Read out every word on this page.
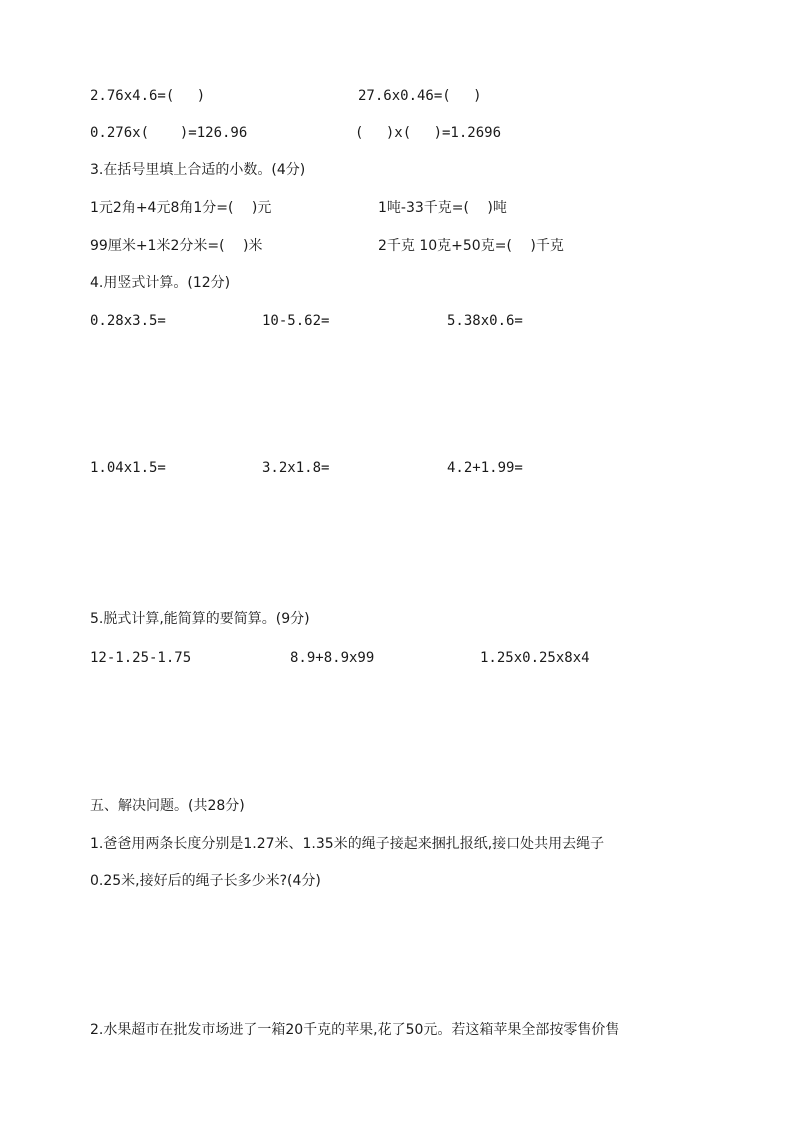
2.76x4.6=(　 )	27.6x0.46=(　 )
0.276x(　  )=126.96	(　 )x(　 )=1.2696
3.在括号里填上合适的小数。(4分)
1元2角+4元8角1分=(　 )元	1吨-33千克=(　 )吨
99厘米+1米2分米=(　 )米	2千克 10克+50克=(　 )千克
4.用竖式计算。(12分)
0.28x3.5=	10-5.62=	5.38x0.6=
1.04x1.5=	3.2x1.8=	4.2+1.99=
5.脱式计算,能简算的要简算。(9分)
12-1.25-1.75	8.9+8.9x99	1.25x0.25x8x4
五、解决问题。(共28分)
1.爸爸用两条长度分别是1.27米、1.35米的绳子接起来捆扎报纸,接口处共用去绳子
0.25米,接好后的绳子长多少米?(4分)
2.水果超市在批发市场进了一箱20千克的苹果,花了50元。若这箱苹果全部按零售价售
